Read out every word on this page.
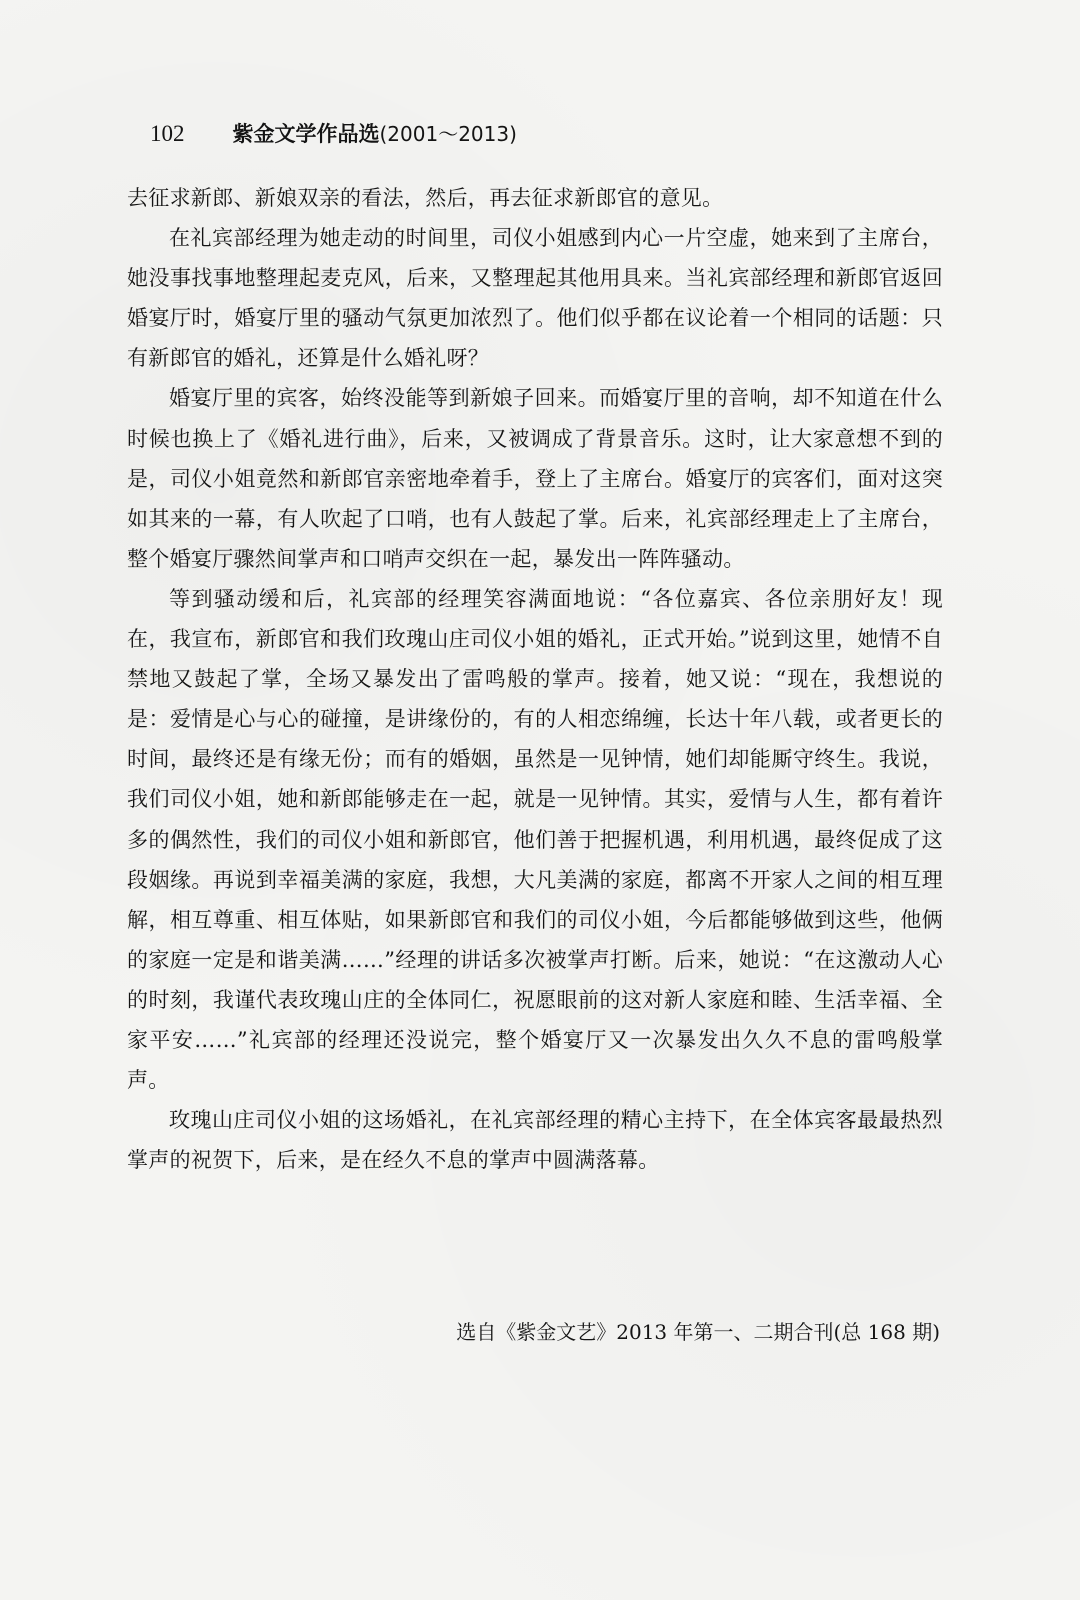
102 紫金文学作品选 (2001～2013)

去征求新郎、新娘双亲的看法，然后，再去征求新郎官的意见。

在礼宾部经理为她走动的时间里，司仪小姐感到内心一片空虚，她来到了主席台，她没事找事地整理起麦克风，后来，又整理起其他用具来。当礼宾部经理和新郎官返回婚宴厅时，婚宴厅里的骚动气氛更加浓烈了。他们似乎都在议论着一个相同的话题：只有新郎官的婚礼，还算是什么婚礼呀？

婚宴厅里的宾客，始终没能等到新娘子回来。而婚宴厅里的音响，却不知道在什么时候也换上了《婚礼进行曲》，后来，又被调成了背景音乐。这时，让大家意想不到的是，司仪小姐竟然和新郎官亲密地牵着手，登上了主席台。婚宴厅的宾客们，面对这突如其来的一幕，有人吹起了口哨，也有人鼓起了掌。后来，礼宾部经理走上了主席台，整个婚宴厅骤然间掌声和口哨声交织在一起，暴发出一阵阵骚动。

等到骚动缓和后，礼宾部的经理笑容满面地说：“各位嘉宾、各位亲朋好友！现在，我宣布，新郎官和我们玫瑰山庄司仪小姐的婚礼，正式开始。”说到这里，她情不自禁地又鼓起了掌，全场又暴发出了雷鸣般的掌声。接着，她又说：“现在，我想说的是：爱情是心与心的碰撞，是讲缘份的，有的人相恋绵缠，长达十年八载，或者更长的时间，最终还是有缘无份；而有的婚姻，虽然是一见钟情，她们却能厮守终生。我说，我们司仪小姐，她和新郎能够走在一起，就是一见钟情。其实，爱情与人生，都有着许多的偶然性，我们的司仪小姐和新郎官，他们善于把握机遇，利用机遇，最终促成了这段姻缘。再说到幸福美满的家庭，我想，大凡美满的家庭，都离不开家人之间的相互理解，相互尊重、相互体贴，如果新郎官和我们的司仪小姐，今后都能够做到这些，他俩的家庭一定是和谐美满……”经理的讲话多次被掌声打断。后来，她说：“在这激动人心的时刻，我谨代表玫瑰山庄的全体同仁，祝愿眼前的这对新人家庭和睦、生活幸福、全家平安……”礼宾部的经理还没说完，整个婚宴厅又一次暴发出久久不息的雷鸣般掌声。

玫瑰山庄司仪小姐的这场婚礼，在礼宾部经理的精心主持下，在全体宾客最最热烈掌声的祝贺下，后来，是在经久不息的掌声中圆满落幕。

选自《紫金文艺》2013 年第一、二期合刊(总 168 期)
